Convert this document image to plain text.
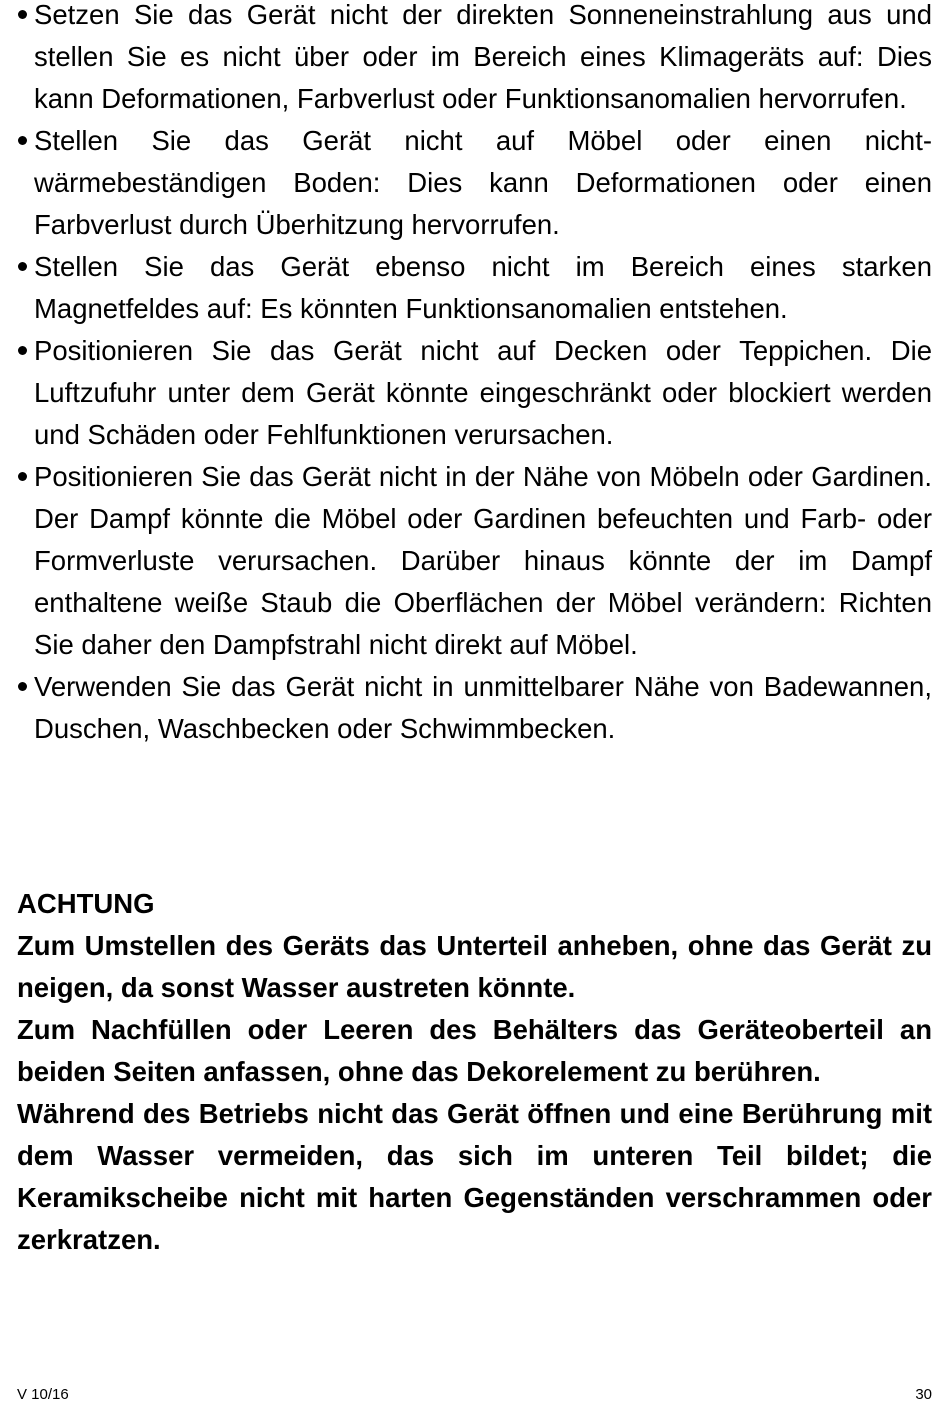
Setzen Sie das Gerät nicht der direkten Sonneneinstrahlung aus und stellen Sie es nicht über oder im Bereich eines Klimageräts auf: Dies kann Deformationen, Farbverlust oder Funktionsanomalien hervorrufen.
Stellen Sie das Gerät nicht auf Möbel oder einen nicht-wärmebeständigen Boden: Dies kann Deformationen oder einen Farbverlust durch Überhitzung hervorrufen.
Stellen Sie das Gerät ebenso nicht im Bereich eines starken Magnetfeldes auf: Es könnten Funktionsanomalien entstehen.
Positionieren Sie das Gerät nicht auf Decken oder Teppichen. Die Luftzufuhr unter dem Gerät könnte eingeschränkt oder blockiert werden und Schäden oder Fehlfunktionen verursachen.
Positionieren Sie das Gerät nicht in der Nähe von Möbeln oder Gardinen. Der Dampf könnte die Möbel oder Gardinen befeuchten und Farb- oder Formverluste verursachen. Darüber hinaus könnte der im Dampf enthaltene weiße Staub die Oberflächen der Möbel verändern: Richten Sie daher den Dampfstrahl nicht direkt auf Möbel.
Verwenden Sie das Gerät nicht in unmittelbarer Nähe von Badewannen, Duschen, Waschbecken oder Schwimmbecken.

ACHTUNG

Zum Umstellen des Geräts das Unterteil anheben, ohne das Gerät zu neigen, da sonst Wasser austreten könnte.

Zum Nachfüllen oder Leeren des Behälters das Geräteoberteil an beiden Seiten anfassen, ohne das Dekorelement zu berühren.

Während des Betriebs nicht das Gerät öffnen und eine Berührung mit dem Wasser vermeiden, das sich im unteren Teil bildet; die Keramikscheibe nicht mit harten Gegenständen verschrammen oder zerkratzen.

V 10/16	30
